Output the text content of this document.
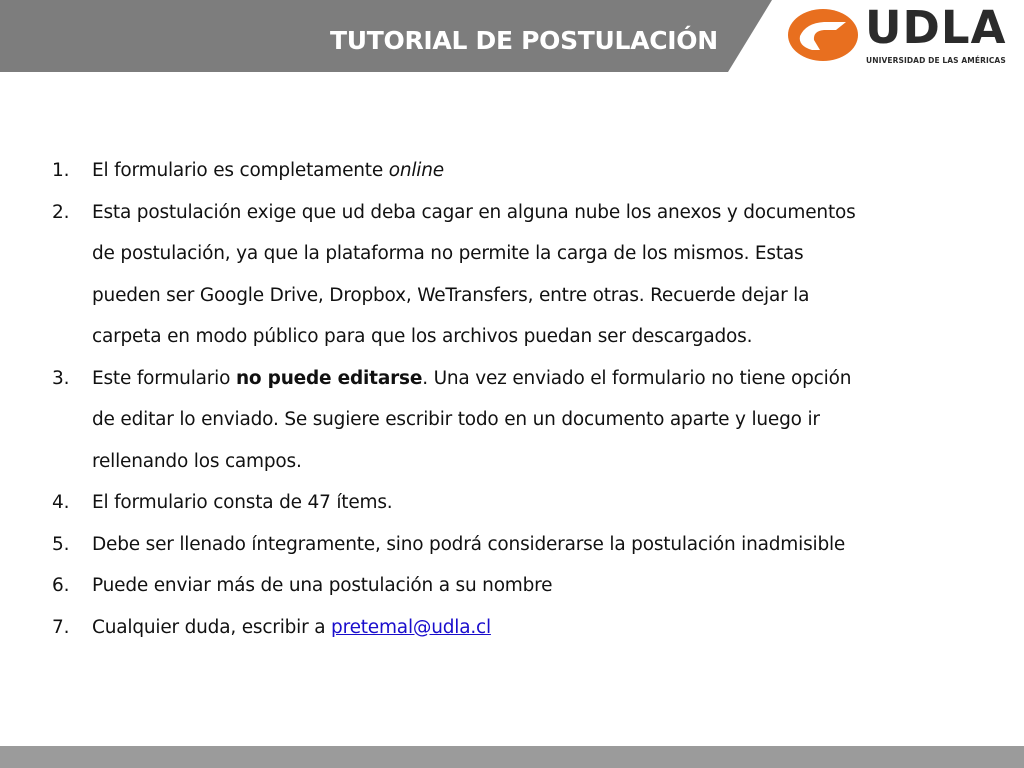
TUTORIAL DE POSTULACIÓN	UDLA
UNIVERSIDAD DE LAS AMÉRICAS
1. El formulario es completamente online
2. Esta postulación exige que ud deba cagar en alguna nube los anexos y documentos
de postulación, ya que la plataforma no permite la carga de los mismos. Estas
pueden ser Google Drive, Dropbox, WeTransfers, entre otras. Recuerde dejar la
carpeta en modo público para que los archivos puedan ser descargados.
3. Este formulario no puede editarse. Una vez enviado el formulario no tiene opción
de editar lo enviado. Se sugiere escribir todo en un documento aparte y luego ir
rellenando los campos.
4. El formulario consta de 47 ítems.
5. Debe ser llenado íntegramente, sino podrá considerarse la postulación inadmisible
6. Puede enviar más de una postulación a su nombre
7. Cualquier duda, escribir a pretemal@udla.cl
